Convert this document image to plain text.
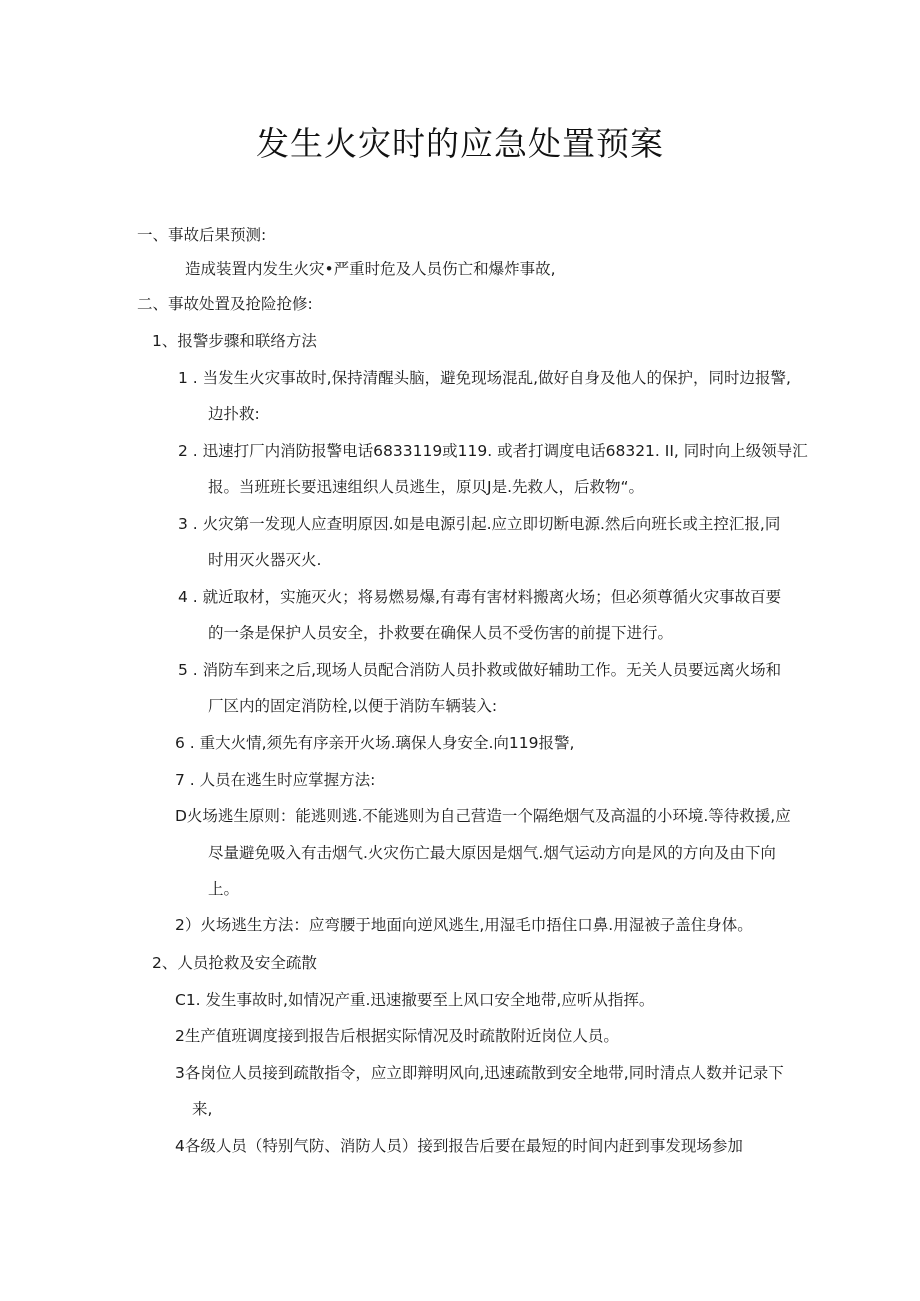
发生火灾时的应急处置预案
一、事故后果预测:
造成装置内发生火灾•严重时危及人员伤亡和爆炸事故,
二、事故处置及抢险抢修:
1、报警步骤和联络方法
1 . 当发生火灾事故时,保持清醒头脑，避免现场混乱,做好自身及他人的保护，同时边报警,
边扑救:
2 . 迅速打厂内消防报警电话6833119或119. 或者打调度电话68321. II, 同时向上级领导汇
报。当班班长要迅速组织人员逃生，原贝J是.先救人，后救物“。
3 . 火灾第一发现人应查明原因.如是电源引起.应立即切断电源.然后向班长或主控汇报,同
时用灭火器灭火.
4 . 就近取材，实施灭火；将易燃易爆,有毒有害材料搬离火场；但必须尊循火灾事故百要
的一条是保护人员安全，扑救要在确保人员不受伤害的前提下进行。
5 . 消防车到来之后,现场人员配合消防人员扑救或做好辅助工作。无关人员要远离火场和
厂区内的固定消防栓,以便于消防车辆装入:
6 . 重大火情,须先有序亲开火场.璃保人身安全.向119报警,
7 . 人员在逃生时应掌握方法:
D火场逃生原则：能逃则逃.不能逃则为自己营造一个隔绝烟气及高温的小环境.等待救援,应
尽量避免吸入有击烟气.火灾伤亡最大原因是烟气.烟气运动方向是风的方向及由下向
上。
2）火场逃生方法：应弯腰于地面向逆风逃生,用湿毛巾捂住口鼻.用湿被子盖住身体。
2、人员抢救及安全疏散
C1. 发生事故时,如情况产重.迅速撤要至上风口安全地带,应听从指挥。
2生产值班调度接到报告后根据实际情况及时疏散附近岗位人员。
3各岗位人员接到疏散指令，应立即辩明风向,迅速疏散到安全地带,同时清点人数并记录下
来,
4各级人员（特别气防、消防人员）接到报告后要在最短的时间内赶到事发现场参加
